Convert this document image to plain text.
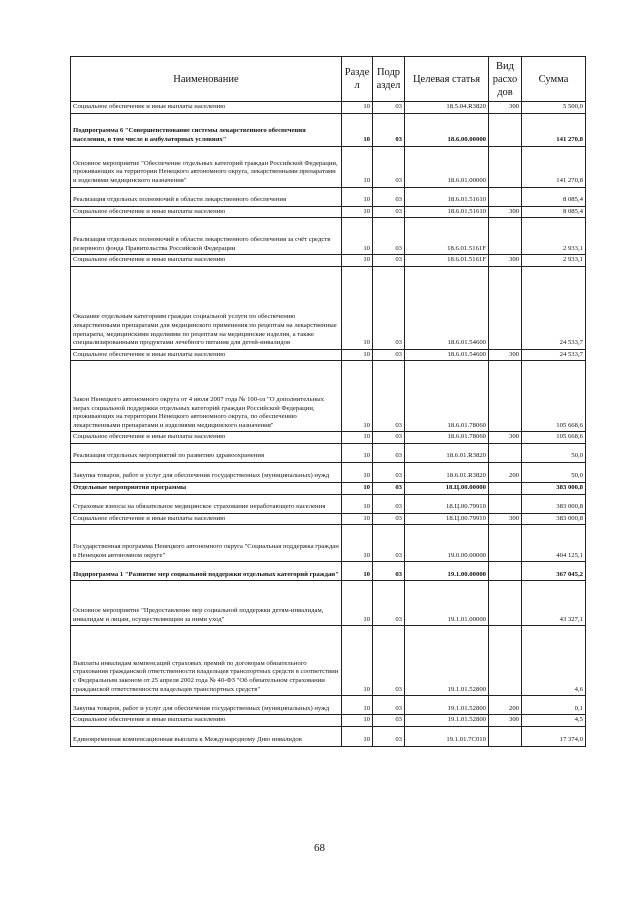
Наименование	Разде л	Подр аздел	Целевая статья	Вид расхо дов	Сумма
Социальное обеспечение и иные выплаты населению	10	03	18.5.04.R3820	300	5 500,0
Подпрограмма 6 "Совершенствование системы лекарственного обеспечения населения, в том числе в амбулаторных условиях"	10	03	18.6.00.00000		141 270,8
Основное мероприятие "Обеспечение отдельных категорий граждан Российской Федерации, проживающих на территории Ненецкого автономного округа, лекарственными препаратами и изделиями медицинского назначения"	10	03	18.6.01.00000		141 270,8
Реализация отдельных полномочий в области лекарственного обеспечения	10	03	18.6.01.51610		8 085,4
Социальное обеспечение и иные выплаты населению	10	03	18.6.01.51610	300	8 085,4
Реализация отдельных полномочий в области лекарственного обеспечения за счёт средств резервного фонда Правительства Российской Федерации	10	03	18.6.01.5161F		2 933,1
Социальное обеспечение и иные выплаты населению	10	03	18.6.01.5161F	300	2 933,1
Оказание отдельным категориям граждан социальной услуги по обеспечению лекарственными препаратами для медицинского применения по рецептам на лекарственные препараты, медицинскими изделиями по рецептам на медицинские изделия, а также специализированными продуктами лечебного питания для детей-инвалидов	10	03	18.6.01.54600		24 533,7
Социальное обеспечение и иные выплаты населению	10	03	18.6.01.54600	300	24 533,7
Закон Ненецкого автономного округа от 4 июля 2007 года № 100-оз "О дополнительных мерах социальной поддержки отдельных категорий граждан Российской Федерации, проживающих на территории Ненецкого автономного округа, по обеспечению лекарственными препаратами и изделиями медицинского назначения"	10	03	18.6.01.78060		105 668,6
Социальное обеспечение и иные выплаты населению	10	03	18.6.01.78060	300	105 668,6
Реализация отдельных мероприятий по развитию здравоохранения	10	03	18.6.01.R3820		50,0
Закупка товаров, работ и услуг для обеспечения государственных (муниципальных) нужд	10	03	18.6.01.R3820	200	50,0
Отдельные мероприятия программы	10	03	18.Ц.00.00000		383 000,8
Страховые взносы на обязательное медицинское страхование неработающего населения	10	03	18.Ц.00.79910		383 000,8
Социальное обеспечение и иные выплаты населению	10	03	18.Ц.00.79910	300	383 000,8
Государственная программа Ненецкого автономного округа "Социальная поддержка граждан в Ненецком автономном округе"	10	03	19.0.00.00000		404 125,1
Подпрограмма 1 "Развитие мер социальной поддержки отдельных категорий граждан"	10	03	19.1.00.00000		367 045,2
Основное мероприятие "Предоставление мер социальной поддержки детям-инвалидам, инвалидам и лицам, осуществляющим за ними уход"	10	03	19.1.01.00000		43 327,1
Выплаты инвалидам компенсаций страховых премий по договорам обязательного страхования гражданской ответственности владельцев транспортных средств в соответствии с Федеральным законом от 25 апреля 2002 года № 40-ФЗ "Об обязательном страховании гражданской ответственности владельцев транспортных средств"	10	03	19.1.01.52800		4,6
Закупка товаров, работ и услуг для обеспечения государственных (муниципальных) нужд	10	03	19.1.01.52800	200	0,1
Социальное обеспечение и иные выплаты населению	10	03	19.1.01.52800	300	4,5
Единовременная компенсационная выплата к Международному Дню инвалидов	10	03	19.1.01.7С010		17 374,0
68
